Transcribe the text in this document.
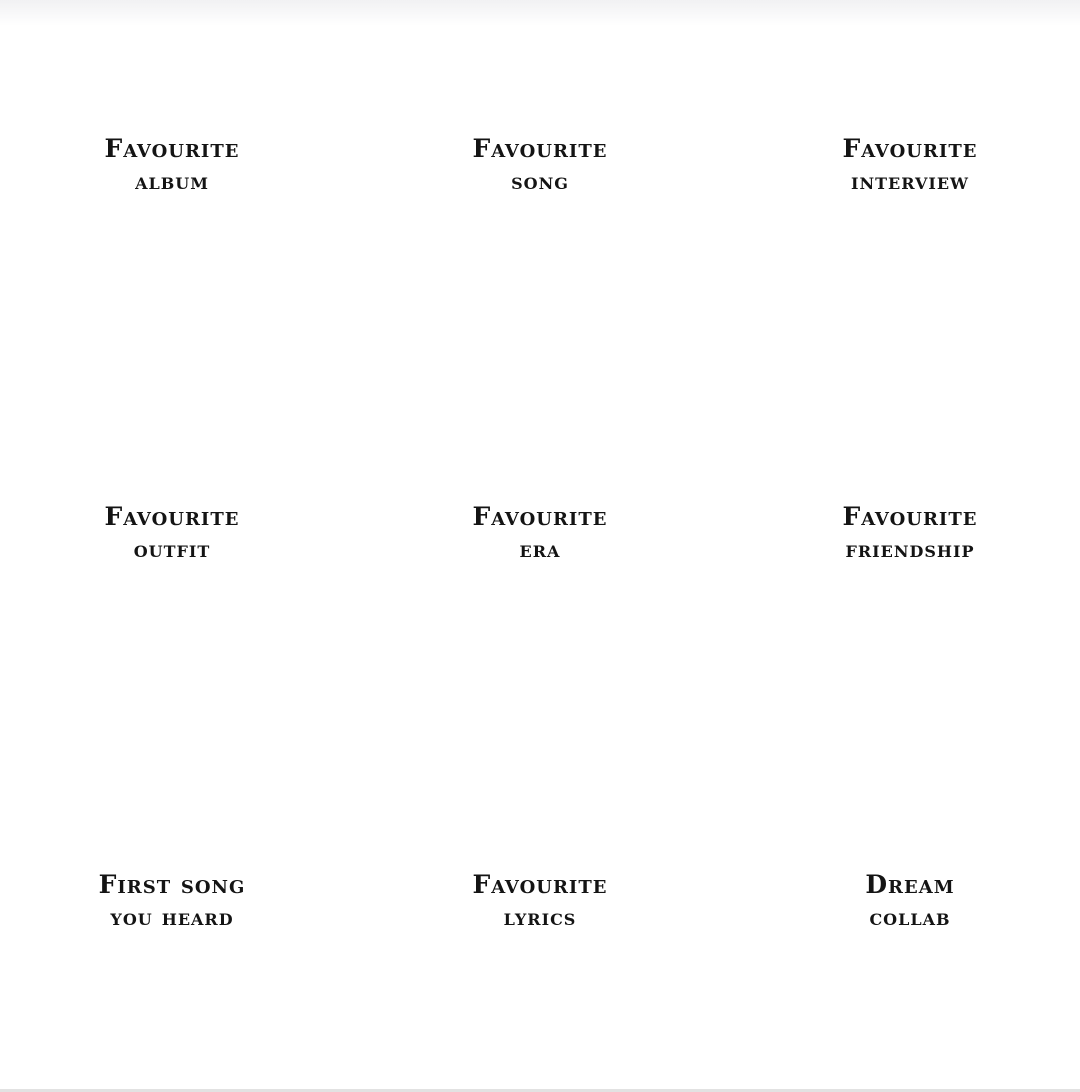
Favourite
album
Favourite
song
Favourite
interview
Favourite
outfit
Favourite
era
Favourite
friendship
First song
you heard
Favourite
lyrics
Dream
collab
